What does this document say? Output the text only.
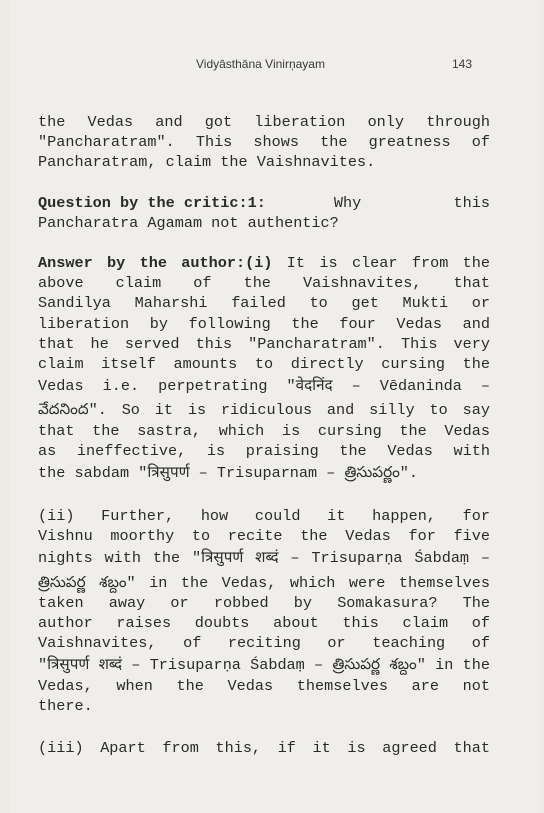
Vidyāsthāna Vinirņayam	143
the Vedas and got liberation only through
"Pancharatram". This shows the greatness of
Pancharatram, claim the Vaishnavites.
Question by the critic:1:	Why	this
Pancharatra Agamam not authentic?
Answer by the author:(i) It is clear from the
above claim of the Vaishnavites, that
Sandilya Maharshi failed to get Mukti or
liberation by following the four Vedas and
that he served this "Pancharatram". This very
claim itself amounts to directly cursing the
Vedas i.e. perpetrating "वेदनिंद – Vēdaninda –
వేదనింద". So it is ridiculous and silly to say
that the sastra, which is cursing the Vedas
as ineffective, is praising the Vedas with
the sabdam "त्रिसुपर्ण – Trisuparnam – త్రిసుపర్ణం".
(ii) Further, how could it happen, for
Vishnu moorthy to recite the Vedas for five
nights with the "त्रिसुपर्ण शब्दं – Trisuparṇa Śabdaṃ –
త్రిసుపర్ణ శబ్దం" in the Vedas, which were themselves
taken away or robbed by Somakasura? The
author raises doubts about this claim of
Vaishnavites, of reciting or teaching of
"त्रिसुपर्ण शब्दं – Trisuparṇa Śabdaṃ – త్రిసుపర్ణ శబ్దం" in the
Vedas, when the Vedas themselves are not
there.
(iii) Apart from this, if it is agreed that
